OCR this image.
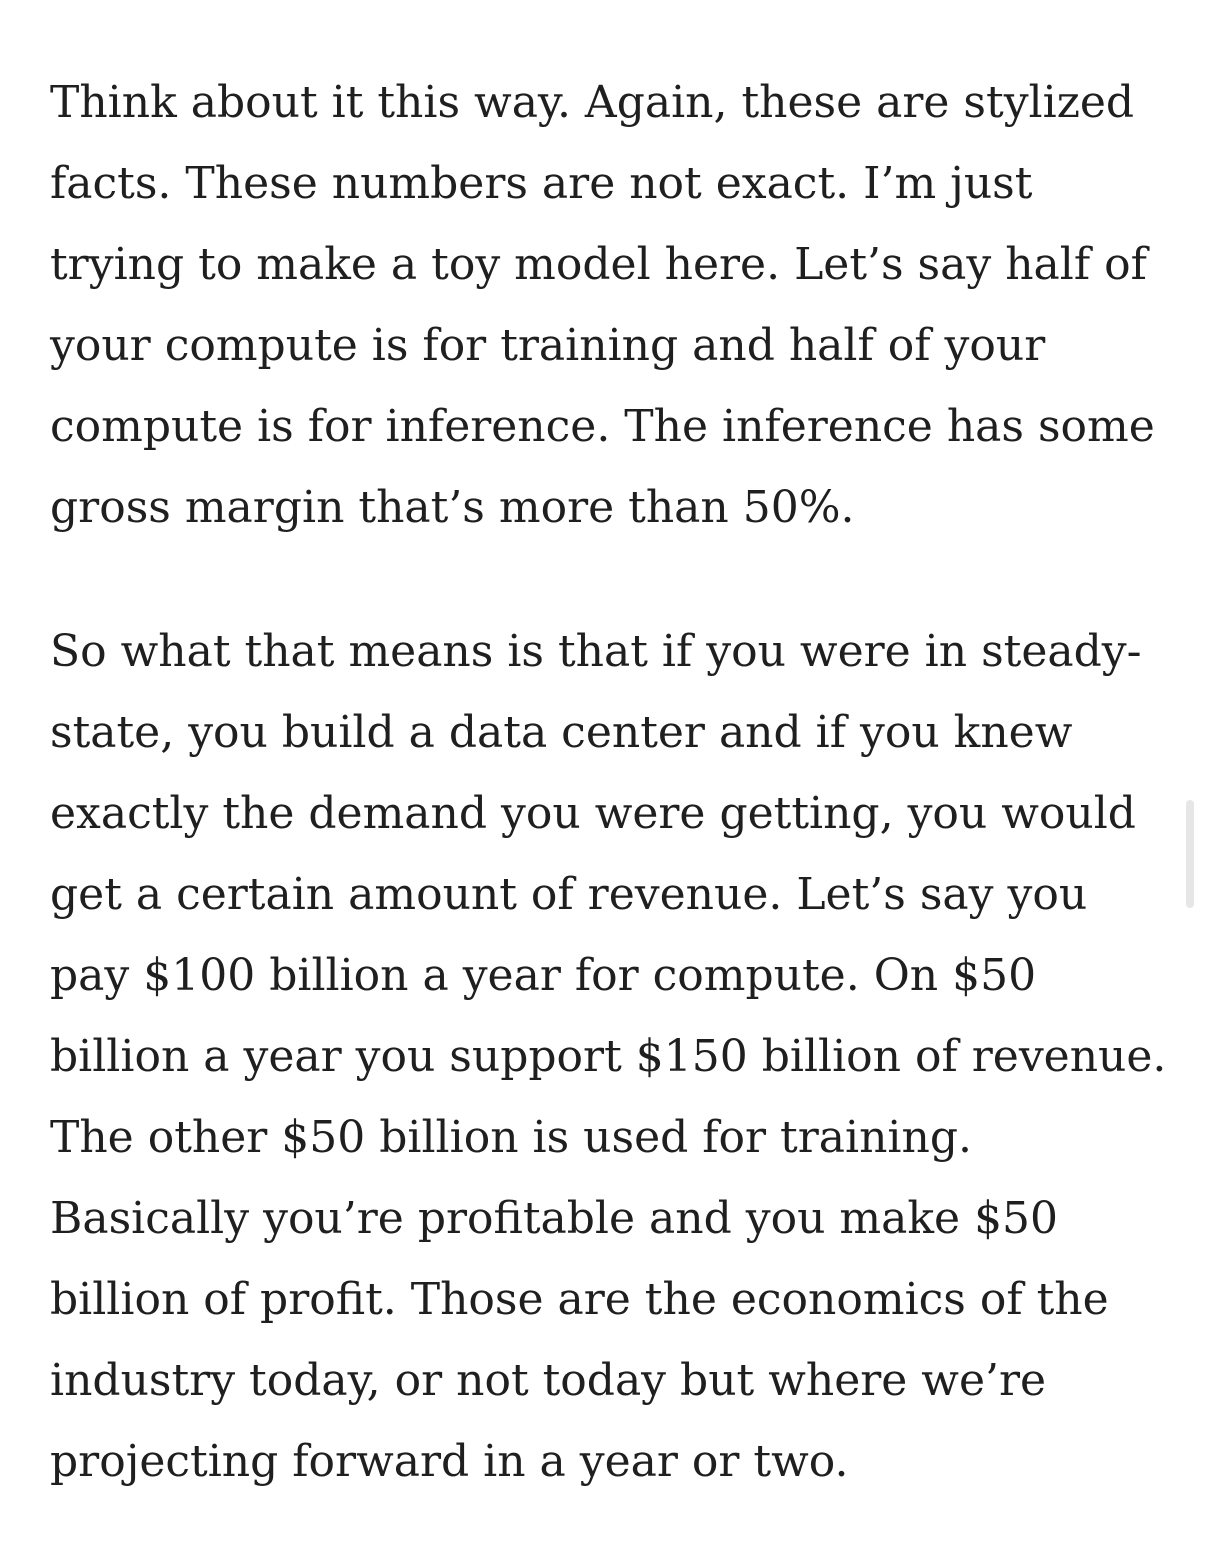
Think about it this way. Again, these are stylized
facts. These numbers are not exact. I’m just
trying to make a toy model here. Let’s say half of
your compute is for training and half of your
compute is for inference. The inference has some
gross margin that’s more than 50%.

So what that means is that if you were in steady-
state, you build a data center and if you knew
exactly the demand you were getting, you would
get a certain amount of revenue. Let’s say you
pay $100 billion a year for compute. On $50
billion a year you support $150 billion of revenue.
The other $50 billion is used for training.
Basically you’re profitable and you make $50
billion of profit. Those are the economics of the
industry today, or not today but where we’re
projecting forward in a year or two.
